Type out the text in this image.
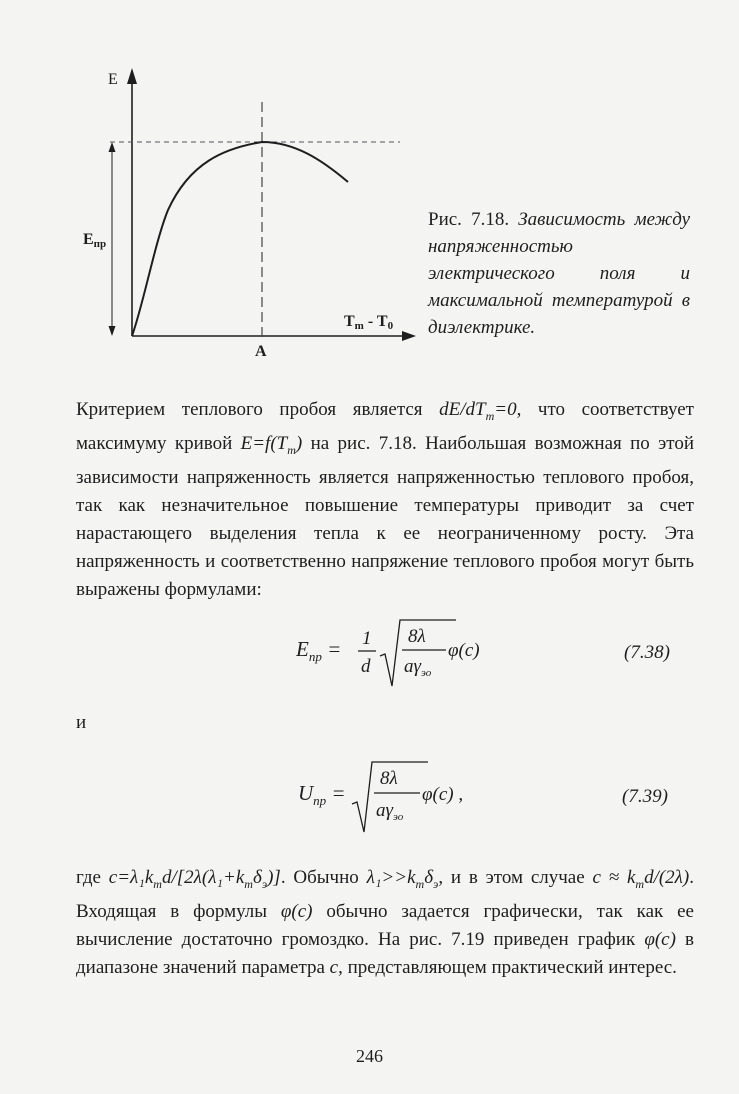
E
Eпр
Tm - T0
A
Рис. 7.18. Зависимость между напряженностью электрического поля и максимальной температурой в диэлектрике.
Критерием теплового пробоя является $dE/dT_m=0$, что соответствует максимуму кривой $E=f(T_m)$ на рис. 7.18. Наибольшая возможная по этой зависимости напряженность является напряженностью теплового пробоя, так как незначительное повышение температуры приводит за счет нарастающего выделения тепла к ее неограниченному росту. Эта напряженность и соответственно напряжение теплового пробоя могут быть выражены формулами:
$E_{пр} = 1$
d
8λ
$a\gamma_{эо}$
φ(c)	(7.38)
и
$U_{пр}$ =
8λ
$a\gamma_{эо}$
φ(c) ,	(7.39)
где $c=\lambda_1k_тd/[2\lambda(\lambda_1+k_т\delta_э)]$. Обычно $\lambda_1>>k_т\delta_э$, и в этом случае $c \approx k_тd/(2\lambda)$. Входящая в формулы φ(c) обычно задается графически, так как ее вычисление достаточно громоздко. На рис. 7.19 приведен график φ(c) в диапазоне значений параметра c, представляющем практический интерес.
246
